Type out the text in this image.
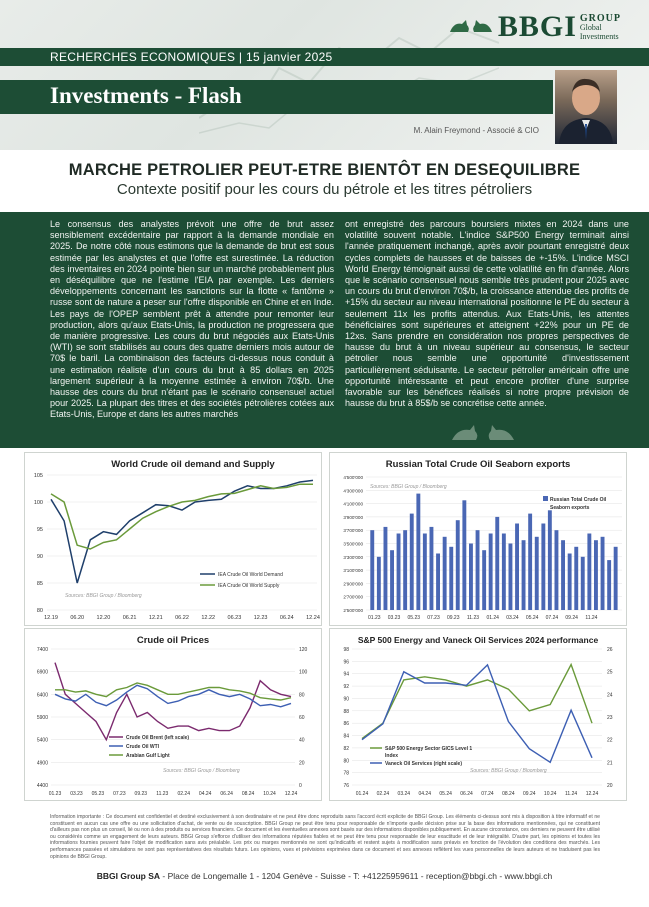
BBGI GROUP
Global
Investments
RECHERCHES ECONOMIQUES | 15 janvier 2025
Investments - Flash
M. Alain Freymond - Associé & CIO
MARCHE PETROLIER PEUT-ETRE BIENTÔT EN DESEQUILIBRE
Contexte positif pour les cours du pétrole et les titres pétroliers

Le consensus des analystes prévoit une offre de brut assez sensiblement excédentaire par rapport à la demande mondiale en 2025. De notre côté nous estimons que la demande de brut est sous estimée par les analystes et que l'offre est surestimée. La réduction des inventaires en 2024 pointe bien sur un marché probablement plus en déséquilibre que ne l'estime l'EIA par exemple. Les derniers développements concernant les sanctions sur la flotte « fantôme » russe sont de nature a peser sur l'offre disponible en Chine et en Inde. Les pays de l'OPEP semblent prêt à attendre pour remonter leur production, alors qu'aux Etats-Unis, la production ne progressera que de manière progressive. Les cours du brut négociés aux Etats-Unis (WTI) se sont stabilisés au cours des quatre derniers mois autour de 70$ le baril. La combinaison des facteurs ci-dessus nous conduit à une estimation réaliste d'un cours du brut à 85 dollars en 2025 largement supérieur à la moyenne estimée à environ 70$/b. Une hausse des cours du brut n'étant pas le scénario consensuel actuel pour 2025. La plupart des titres et des sociétés pétrolières cotées aux Etats-Unis, Europe et dans les autres marchés

ont enregistré des parcours boursiers mixtes en 2024 dans une volatilité souvent notable. L'indice S&P500 Energy terminait ainsi l'année pratiquement inchangé, après avoir pourtant enregistré deux cycles complets de hausses et de baisses de +-15%. L'indice MSCI World Energy témoignait aussi de cette volatilité en fin d'année. Alors que le scénario consensuel nous semble très prudent pour 2025 avec un cours du brut d'environ 70$/b, la croissance attendue des profits de +15% du secteur au niveau international positionne le PE du secteur à seulement 11x les profits attendus. Aux Etats-Unis, les attentes bénéficiaires sont supérieures et atteignent +22% pour un PE de 12xs. Sans prendre en considération nos propres perspectives de hausse du brut à un niveau supérieur au consensus, le secteur pétrolier nous semble une opportunité d'investissement particulièrement séduisante. Le secteur pétrolier américain offre une opportunité intéressante et peut encore profiter d'une surprise favorable sur les bénéfices réalisés si notre propre prévision de hausse du brut à 85$/b se concrétise cette année.

World Crude oil demand and Supply
80
85
90
95
100
105
12.19 06.20 12.20 06.21 12.21 06.22 12.22 06.23 12.23 06.24 12.24
IEA Crude Oil World Demand
IEA Crude Oil World Supply
Sources: BBGI Group / Bloomberg
Russian Total Crude Oil Seaborn exports
2'500'000
2'700'000
2'900'000
3'100'000
3'300'000
3'500'000
3'700'000
3'900'000
4'100'000
4'300'000
4'500'000
01.23 03.23 05.23 07.23 09.23 11.23 01.24 03.24 05.24 07.24 09.24 11.24
Russian Total Crude Oil
Seaborn exports
Sources: BBGI Group / Bloomberg
Crude oil Prices
4400
4900
5400
5900
6400
6900
7400
0
20
40
60
80
100
120
01.23 03.23 05.23 07.23 09.23 11.23 02.24 04.24 06.24 08.24 10.24 12.24
Crude Oil Brent (left scale)
Crude Oil WTI
Arabian Gulf Light
Sources: BBGI Group / Bloomberg
S&P 500 Energy and Vaneck Oil Services 2024 performance
76
78
80
82
84
86
88
90
92
94
96
98
20
21
22
23
24
25
26
01.24 02.24 03.24 04.24 05.24 06.24 07.24 08.24 09.24 10.24 11.24 12.24
S&P 500 Energy Sector GICS Level 1
Index
Vaneck Oil Services (right scale)
Sources: BBGI Group / Bloomberg

Information importante : Ce document est confidentiel et destiné exclusivement à son destinataire et ne peut être donc reproduits sans l'accord écrit explicite de BBGI Group. Les éléments ci-dessus sont mis à disposition à titre informatif et ne constituent en aucun cas une offre ou une sollicitation d'achat, de vente ou de souscription. BBGI Group ne peut être tenu pour responsable de n'importe quelle décision prise sur la base des informations mentionnées, qui ne constituent d'ailleurs pas non plus un conseil, lié ou non à des produits ou services financiers. Ce document et les éventuelles annexes sont basés sur des informations disponibles publiquement. En aucune circonstance, ces derniers ne peuvent être utilisé ou considérés comme un engagement de leurs auteurs. BBGI Group s'efforce d'utiliser des informations réputées fiables et ne peut être tenu pour responsable de leur exactitude et de leur intégralité. D'autre part, les opinions et toutes les informations fournies peuvent faire l'objet de modification sans avis préalable. Les prix ou marges mentionnés ne sont qu'indicatifs et restent sujets à modification sans préavis en fonction de l'évolution des conditions des marchés. Les performances passées et simulations ne sont pas représentatives des résultats futurs. Les opinions, vues et prévisions exprimées dans ce document et ses annexes reflètent les vues personnelles de leurs auteurs et ne traduisent pas les opinions de BBGI Group.

BBGI Group SA - Place de Longemalle 1 - 1204 Genève - Suisse - T: +41225959611 - reception@bbgi.ch - www.bbgi.ch
